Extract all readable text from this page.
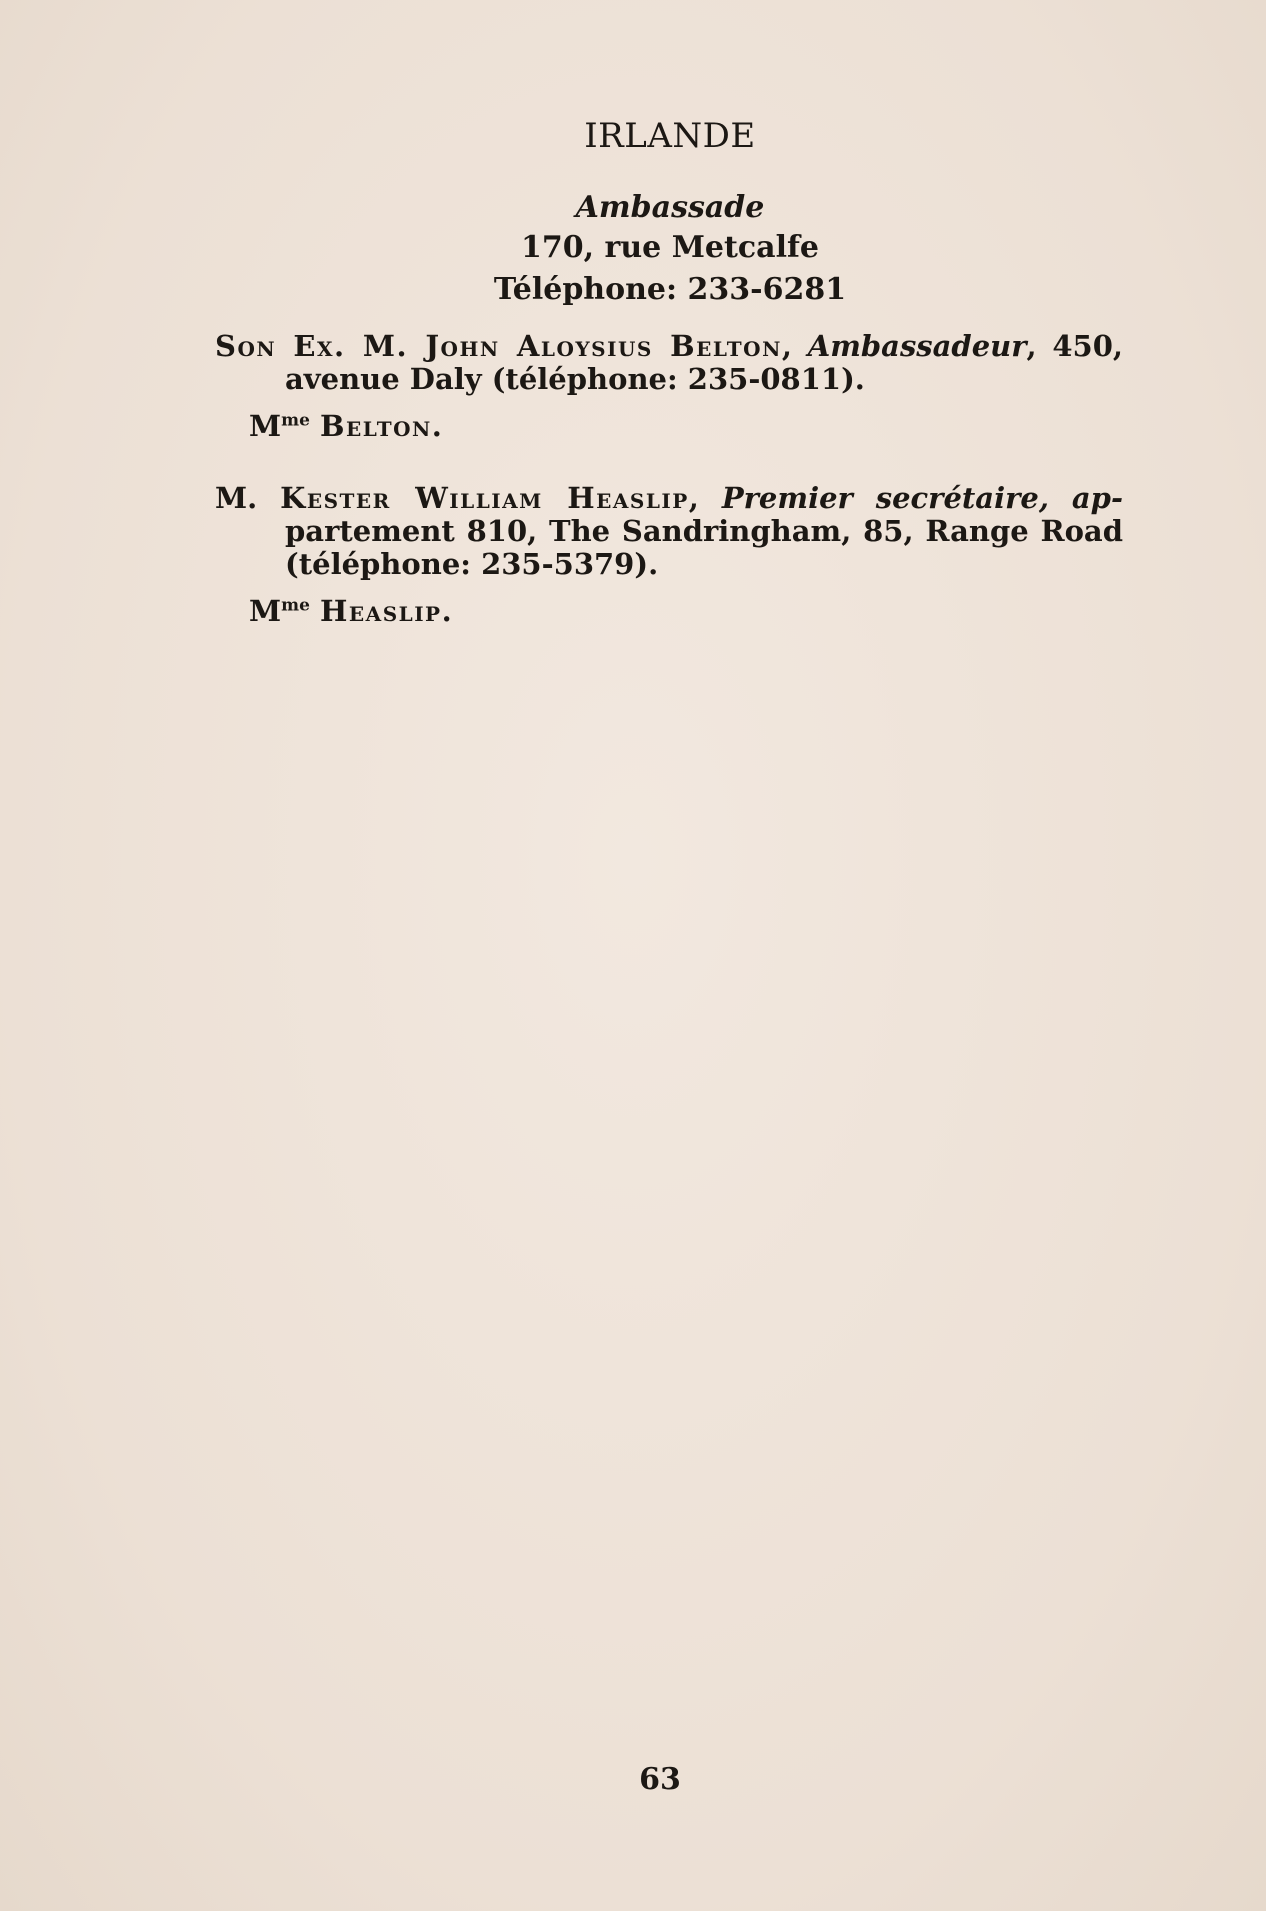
IRLANDE
Ambassade
170, rue Metcalfe
Téléphone: 233-6281
Son Ex. M. John Aloysius Belton, Ambassadeur, 450, avenue Daly (téléphone: 235-0811).
$M^{me}$ Belton.
M. Kester William Heaslip, Premier secrétaire, ap- partement 810, The Sandringham, 85, Range Road (téléphone: 235-5379).
$M^{me}$ Heaslip.
63
